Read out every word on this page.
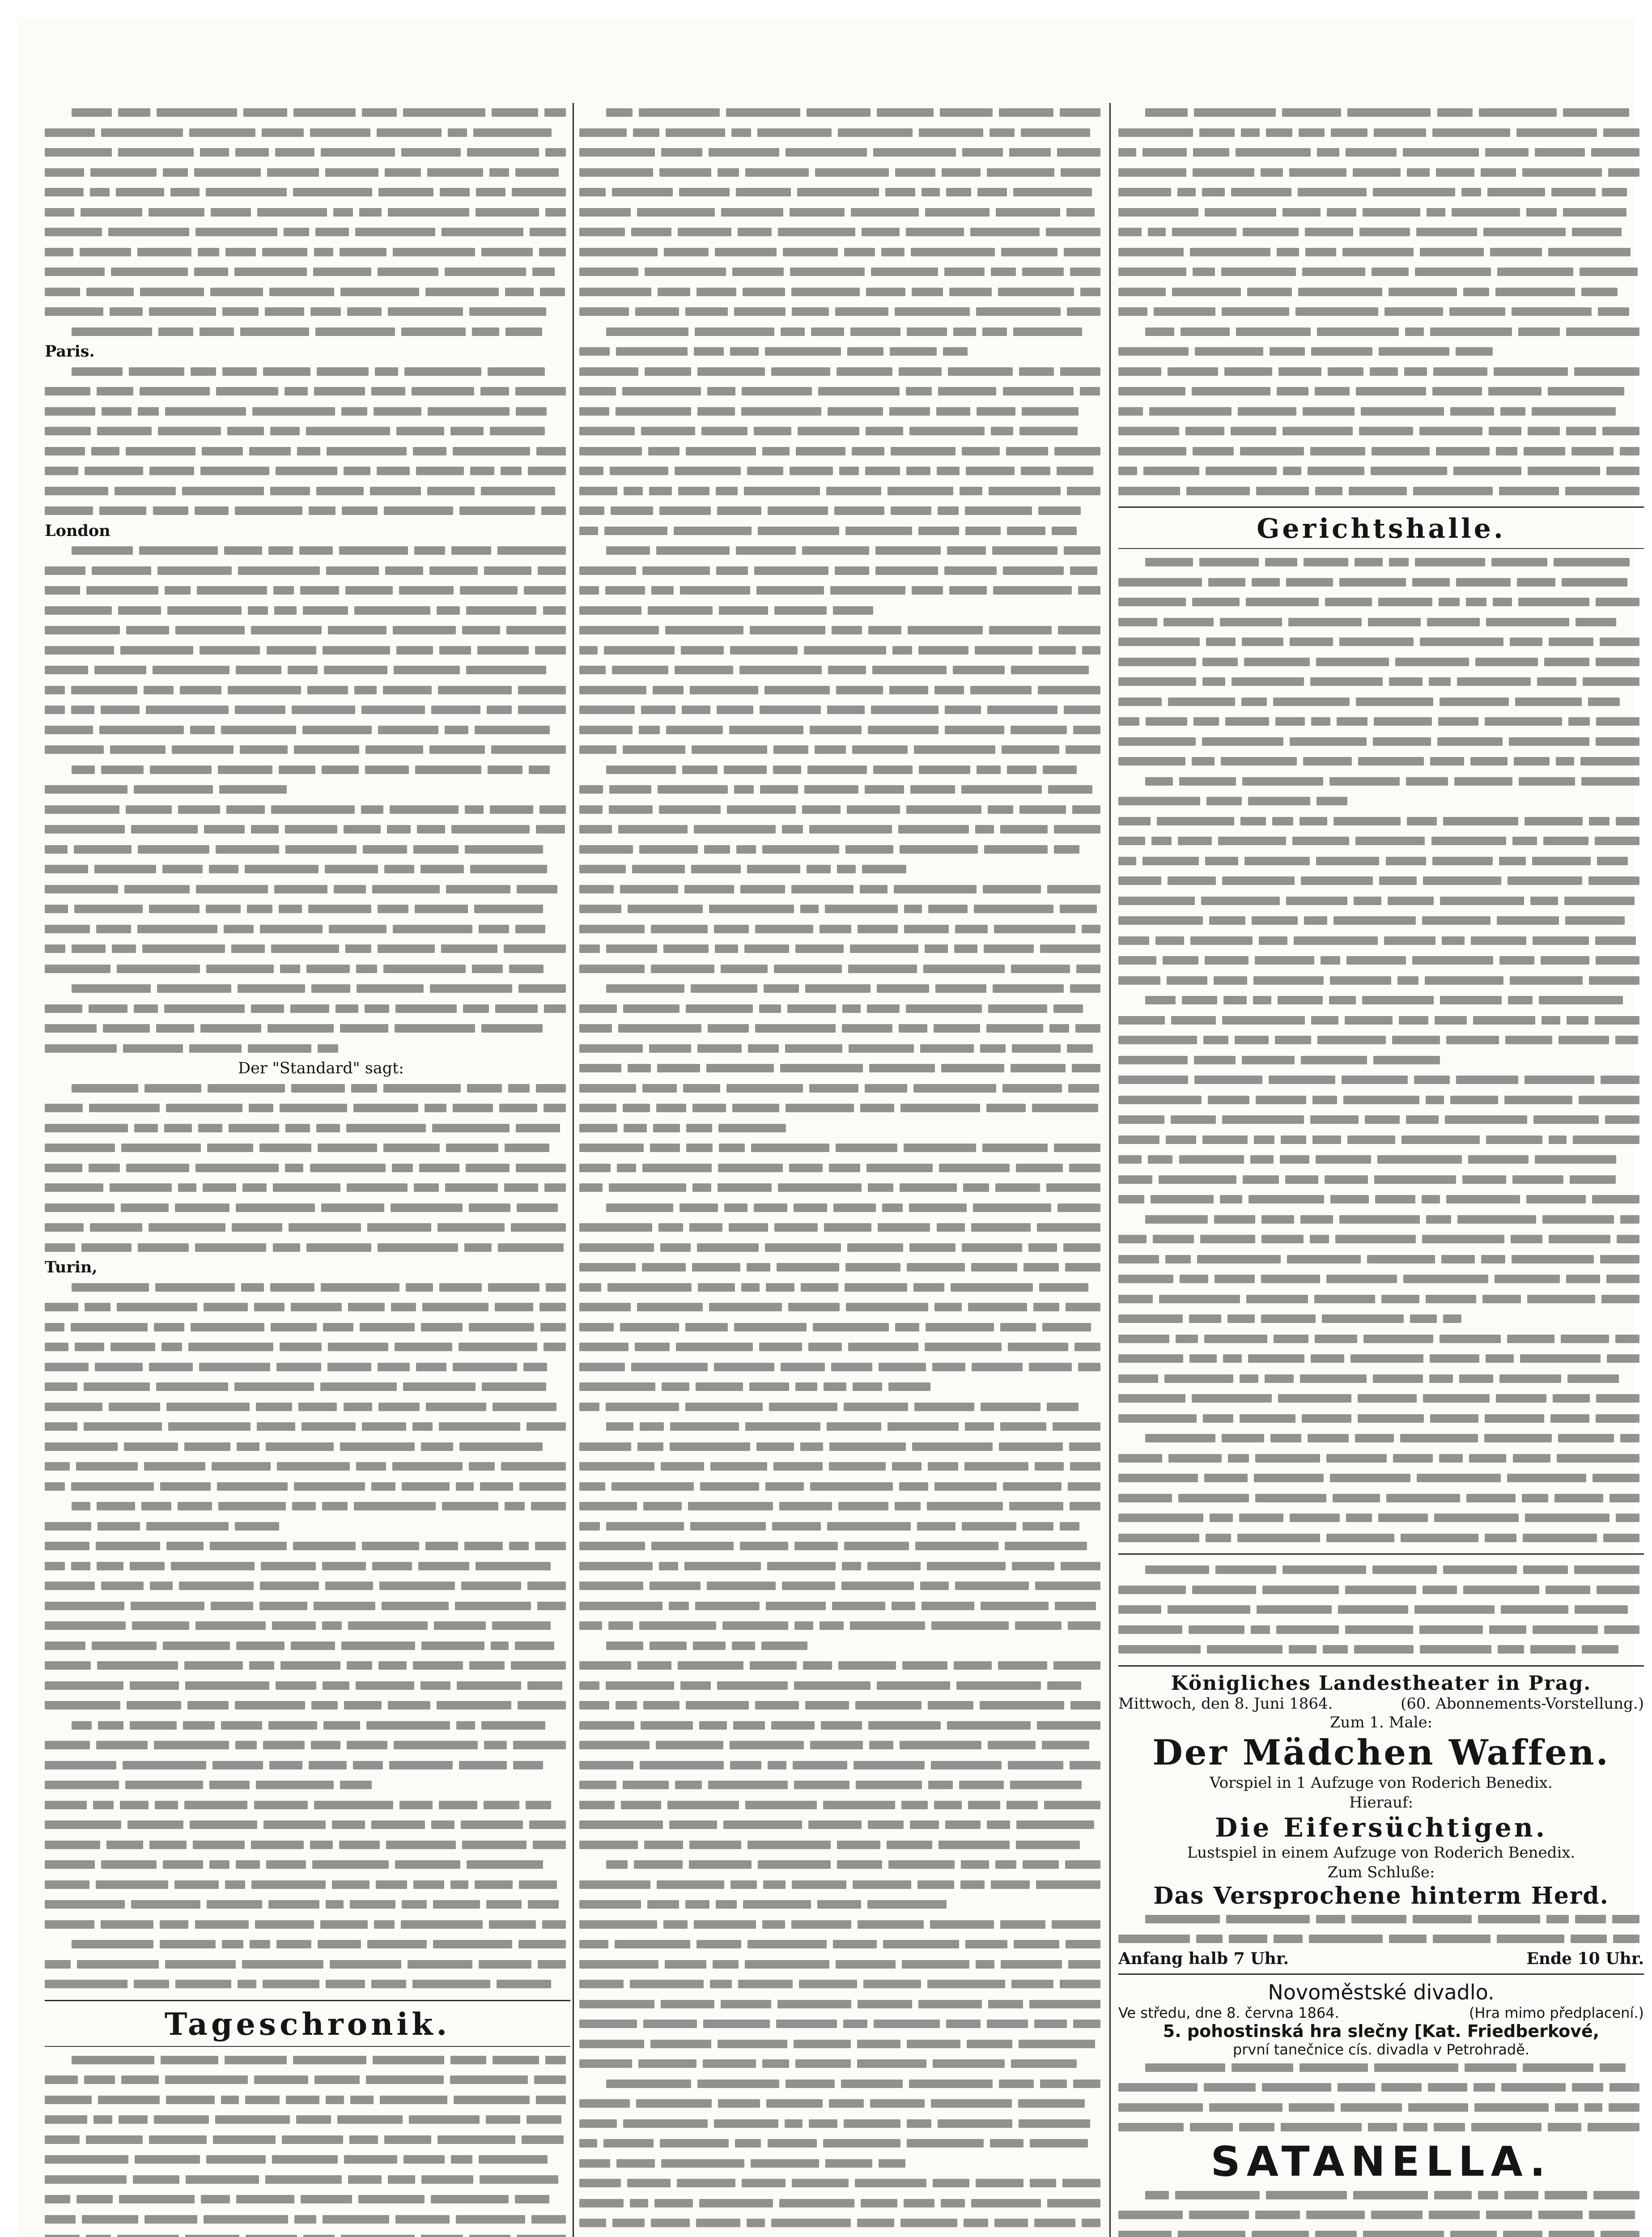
Paris.
London
Der "Standard" sagt:
Turin,
Tageschronik.
Gerichtshalle.
Königliches Landestheater in Prag.
Mittwoch, den 8. Juni 1864.	(60. Abonnements-Vorstellung.)
Zum 1. Male:
Der Mädchen Waffen.
Vorspiel in 1 Aufzuge von Roderich Benedix.
Hierauf:
Die Eifersüchtigen.
Lustspiel in einem Aufzuge von Roderich Benedix.
Zum Schluße:
Das Versprochene hinterm Herd.
Anfang halb 7 Uhr.	Ende 10 Uhr.
Novoměstské divadlo.
Ve středu, dne 8. června 1864.	(Hra mimo předplacení.)
5. pohostinská hra slečny [Kat. Friedberkové,
první tanečnice cís. divadla v Petrohradě.
SATANELLA.
